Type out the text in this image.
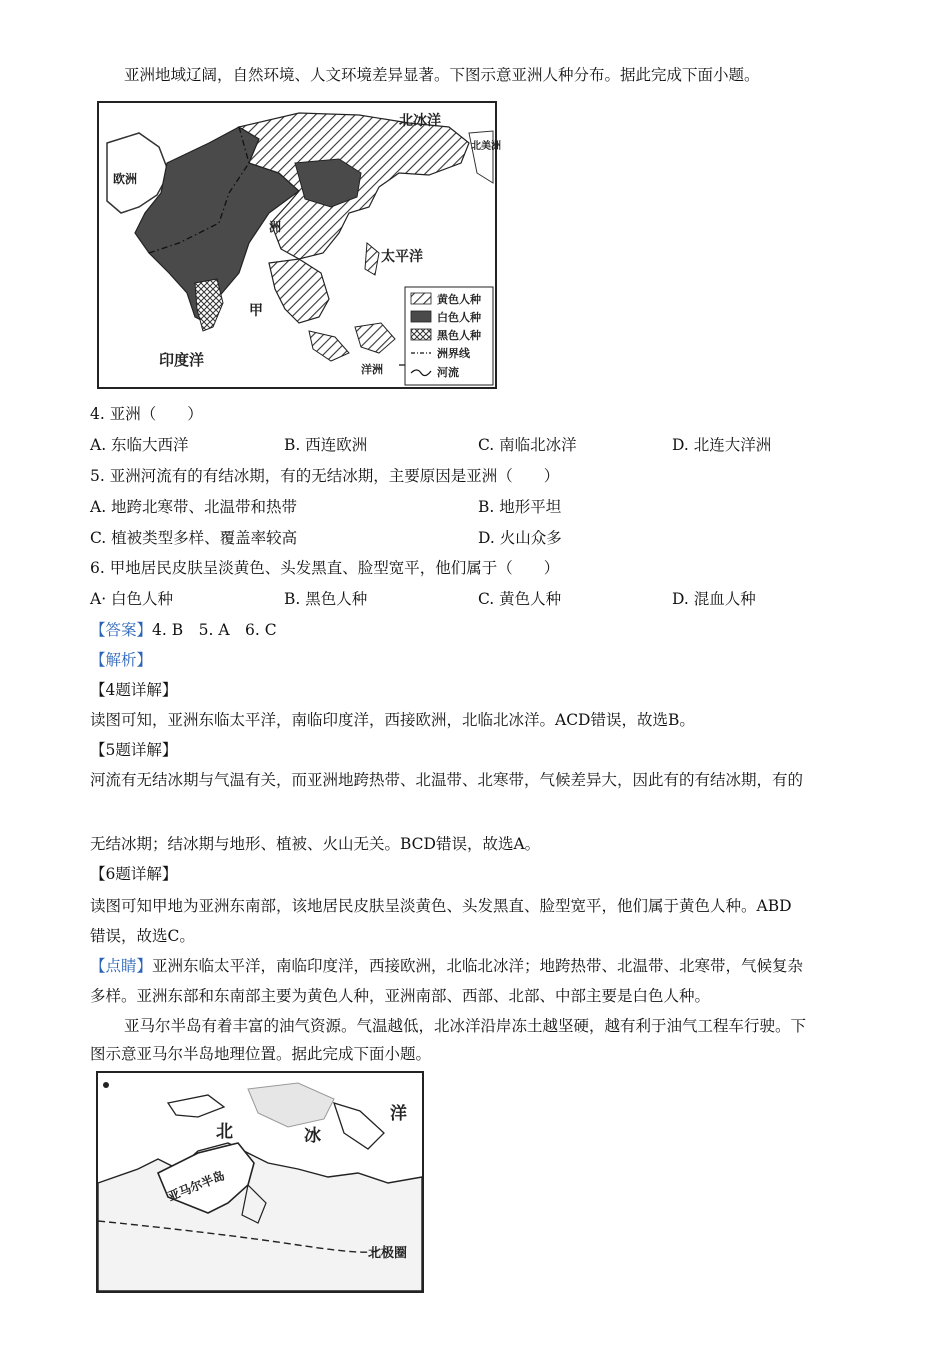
亚洲地域辽阔，自然环境、人文环境差异显著。下图示意亚洲人种分布。据此完成下面小题。
北冰洋
欧洲
北美洲
洲
太平洋
甲
印度洋
洋洲
黄色人种
白色人种
黑色人种
洲界线
河流
4. 亚洲（　　）
A. 东临大西洋	B. 西连欧洲	C. 南临北冰洋	D. 北连大洋洲
5. 亚洲河流有的有结冰期，有的无结冰期，主要原因是亚洲（　　）
A. 地跨北寒带、北温带和热带	B. 地形平坦
C. 植被类型多样、覆盖率较高	D. 火山众多
6. 甲地居民皮肤呈淡黄色、头发黑直、脸型宽平，他们属于（　　）
A· 白色人种	B. 黑色人种	C. 黄色人种	D. 混血人种
【答案】4. B　5. A　6. C
【解析】
【4题详解】
读图可知，亚洲东临太平洋，南临印度洋，西接欧洲，北临北冰洋。ACD错误，故选B。
【5题详解】
河流有无结冰期与气温有关，而亚洲地跨热带、北温带、北寒带，气候差异大，因此有的有结冰期，有的
无结冰期；结冰期与地形、植被、火山无关。BCD错误，故选A。
【6题详解】
读图可知甲地为亚洲东南部，该地居民皮肤呈淡黄色、头发黑直、脸型宽平，他们属于黄色人种。ABD
错误，故选C。
【点睛】亚洲东临太平洋，南临印度洋，西接欧洲，北临北冰洋；地跨热带、北温带、北寒带，气候复杂
多样。亚洲东部和东南部主要为黄色人种，亚洲南部、西部、北部、中部主要是白色人种。
亚马尔半岛有着丰富的油气资源。气温越低，北冰洋沿岸冻土越坚硬，越有利于油气工程车行驶。下
图示意亚马尔半岛地理位置。据此完成下面小题。
北	冰
洋
亚马尔半岛
北极圈
